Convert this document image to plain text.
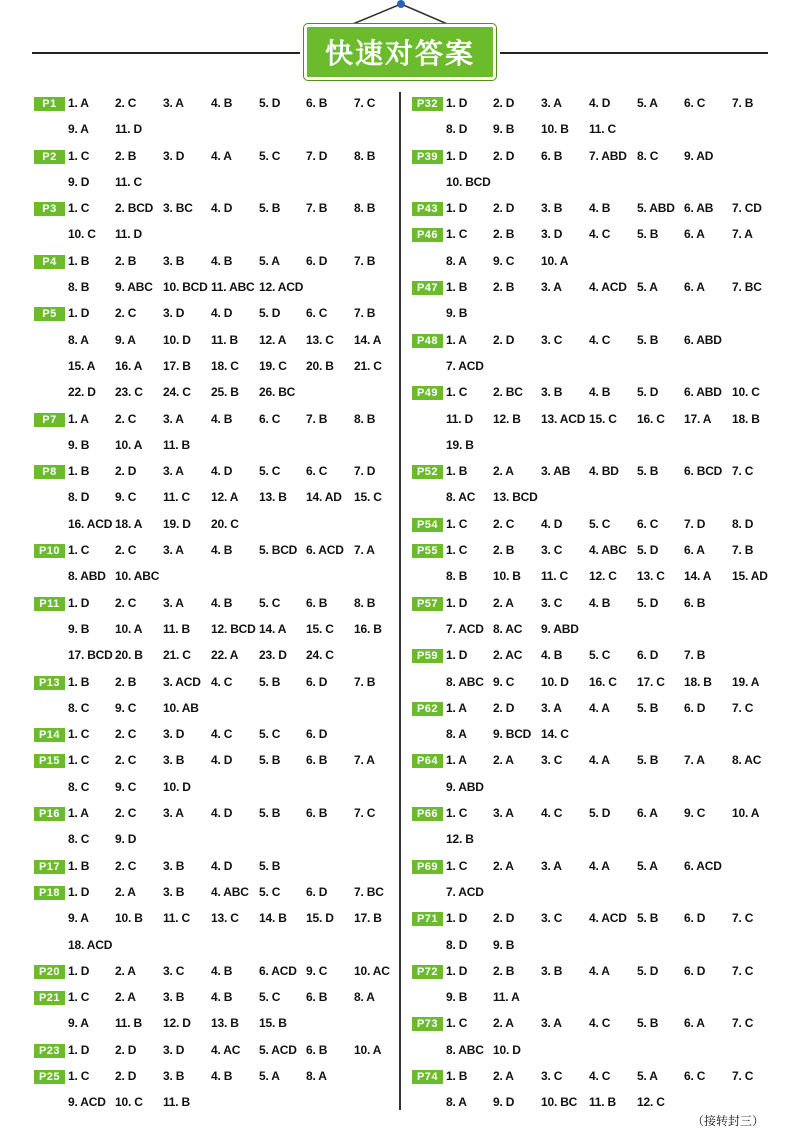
快速对答案
P1 1. A 2. C 3. A 4. B 5. D 6. B 7. C
9. A 11. D
P2 1. C 2. B 3. D 4. A 5. C 7. D 8. B
9. D 11. C
P3 1. C 2. BCD 3. BC 4. D 5. B 7. B 8. B
10. C 11. D
P4 1. B 2. B 3. B 4. B 5. A 6. D 7. B
8. B 9. ABC 10. BCD 11. ABC 12. ACD
P5 1. D 2. C 3. D 4. D 5. D 6. C 7. B
8. A 9. A 10. D 11. B 12. A 13. C 14. A
15. A 16. A 17. B 18. C 19. C 20. B 21. C
22. D 23. C 24. C 25. B 26. BC
P7 1. A 2. C 3. A 4. B 6. C 7. B 8. B
9. B 10. A 11. B
P8 1. B 2. D 3. A 4. D 5. C 6. C 7. D
8. D 9. C 11. C 12. A 13. B 14. AD 15. C
16. ACD 18. A 19. D 20. C
P10 1. C 2. C 3. A 4. B 5. BCD 6. ACD 7. A
8. ABD 10. ABC
P11 1. D 2. C 3. A 4. B 5. C 6. B 8. B
9. B 10. A 11. B 12. BCD 14. A 15. C 16. B
17. BCD 20. B 21. C 22. A 23. D 24. C
P13 1. B 2. B 3. ACD 4. C 5. B 6. D 7. B
8. C 9. C 10. AB
P14 1. C 2. C 3. D 4. C 5. C 6. D
P15 1. C 2. C 3. B 4. D 5. B 6. B 7. A
8. C 9. C 10. D
P16 1. A 2. C 3. A 4. D 5. B 6. B 7. C
8. C 9. D
P17 1. B 2. C 3. B 4. D 5. B
P18 1. D 2. A 3. B 4. ABC 5. C 6. D 7. BC
9. A 10. B 11. C 13. C 14. B 15. D 17. B
18. ACD
P20 1. D 2. A 3. C 4. B 6. ACD 9. C 10. AC
P21 1. C 2. A 3. B 4. B 5. C 6. B 8. A
9. A 11. B 12. D 13. B 15. B
P23 1. D 2. D 3. D 4. AC 5. ACD 6. B 10. A
P25 1. C 2. D 3. B 4. B 5. A 8. A
9. ACD 10. C 11. B
P32 1. D 2. D 3. A 4. D 5. A 6. C 7. B
8. D 9. B 10. B 11. C
P39 1. D 2. D 6. B 7. ABD 8. C 9. AD
10. BCD
P43 1. D 2. D 3. B 4. B 5. ABD 6. AB 7. CD
P46 1. C 2. B 3. D 4. C 5. B 6. A 7. A
8. A 9. C 10. A
P47 1. B 2. B 3. A 4. ACD 5. A 6. A 7. BC
9. B
P48 1. A 2. D 3. C 4. C 5. B 6. ABD
7. ACD
P49 1. C 2. BC 3. B 4. B 5. D 6. ABD 10. C
11. D 12. B 13. ACD 15. C 16. C 17. A 18. B
19. B
P52 1. B 2. A 3. AB 4. BD 5. B 6. BCD 7. C
8. AC 13. BCD
P54 1. C 2. C 4. D 5. C 6. C 7. D 8. D
P55 1. C 2. B 3. C 4. ABC 5. D 6. A 7. B
8. B 10. B 11. C 12. C 13. C 14. A 15. AD
P57 1. D 2. A 3. C 4. B 5. D 6. B
7. ACD 8. AC 9. ABD
P59 1. D 2. AC 4. B 5. C 6. D 7. B
8. ABC 9. C 10. D 16. C 17. C 18. B 19. A
P62 1. A 2. D 3. A 4. A 5. B 6. D 7. C
8. A 9. BCD 14. C
P64 1. A 2. A 3. C 4. A 5. B 7. A 8. AC
9. ABD
P66 1. C 3. A 4. C 5. D 6. A 9. C 10. A
12. B
P69 1. C 2. A 3. A 4. A 5. A 6. ACD
7. ACD
P71 1. D 2. D 3. C 4. ACD 5. B 6. D 7. C
8. D 9. B
P72 1. D 2. B 3. B 4. A 5. D 6. D 7. C
9. B 11. A
P73 1. C 2. A 3. A 4. C 5. B 6. A 7. C
8. ABC 10. D
P74 1. B 2. A 3. C 4. C 5. A 6. C 7. C
8. A 9. D 10. BC 11. B 12. C
（接转封三）
